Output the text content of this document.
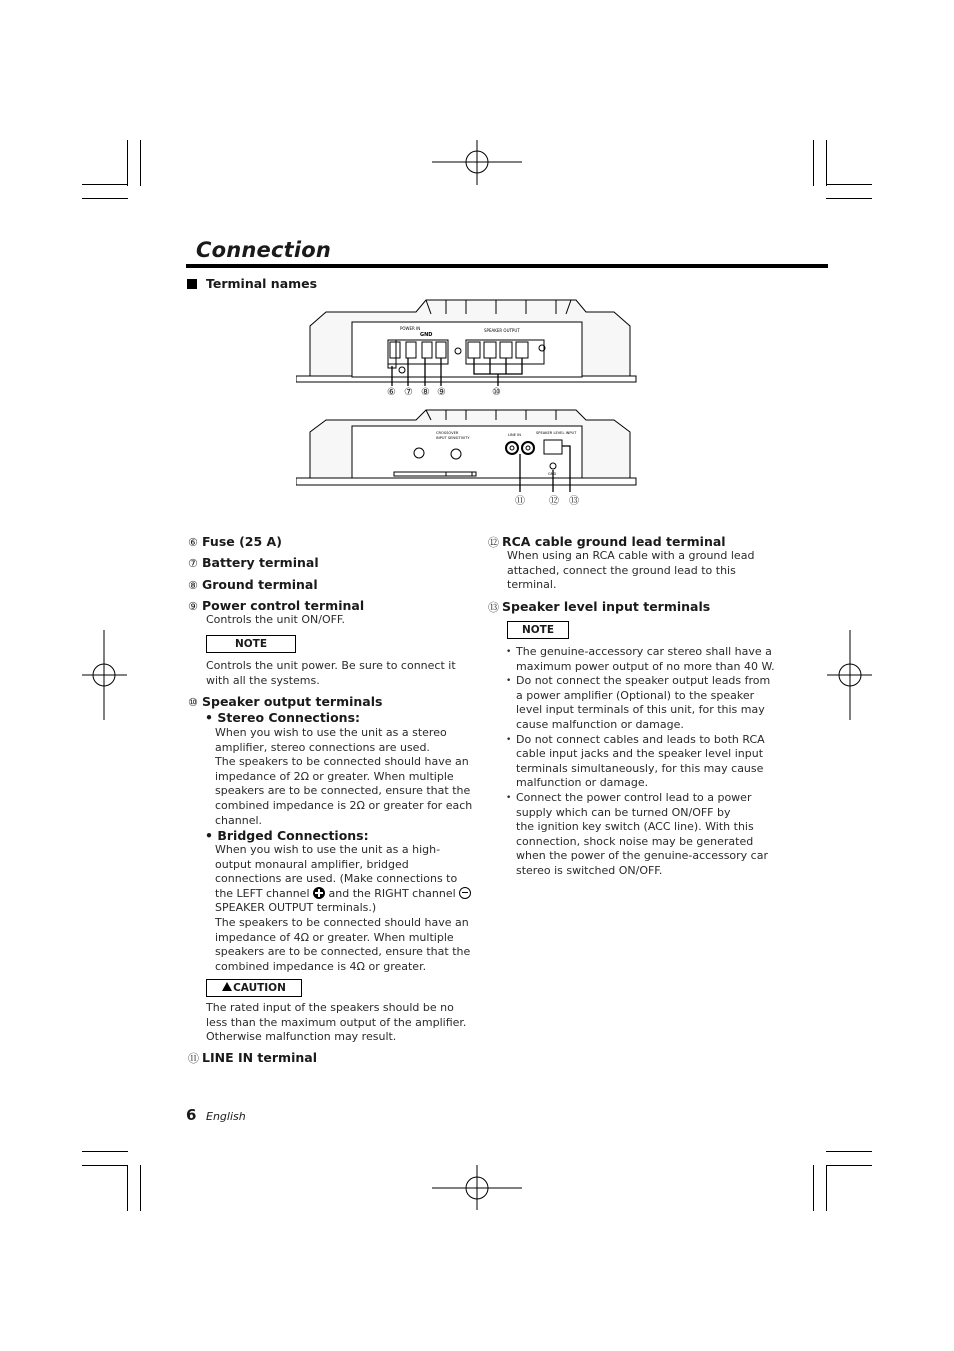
Connection
Terminal names
POWER IN
GND
SPEAKER OUTPUT
⑥ ⑦ ⑧ ⑨	⑩
CROSSOVER
INPUT SENSITIVITY
LINE IN	SPEAKER LEVEL INPUT
GND
⑪ ⑫ ⑬
⑥ Fuse (25 A)
⑦ Battery terminal
⑧ Ground terminal
⑨ Power control terminal
Controls the unit ON/OFF.
NOTE
Controls the unit power. Be sure to connect it
with all the systems.
⑩ Speaker output terminals
• Stereo Connections:
When you wish to use the unit as a stereo
amplifier, stereo connections are used.
The speakers to be connected should have an
impedance of 2Ω or greater. When multiple
speakers are to be connected, ensure that the
combined impedance is 2Ω or greater for each
channel.
• Bridged Connections:
When you wish to use the unit as a high-
output monaural amplifier, bridged
connections are used. (Make connections to
the LEFT channel and the RIGHT channel
SPEAKER OUTPUT terminals.)
The speakers to be connected should have an
impedance of 4Ω or greater. When multiple
speakers are to be connected, ensure that the
combined impedance is 4Ω or greater.
CAUTION
The rated input of the speakers should be no
less than the maximum output of the amplifier.
Otherwise malfunction may result.
⑪ LINE IN terminal
⑫ RCA cable ground lead terminal
When using an RCA cable with a ground lead
attached, connect the ground lead to this
terminal.
⑬ Speaker level input terminals
NOTE
• The genuine-accessory car stereo shall have a
maximum power output of no more than 40 W.
• Do not connect the speaker output leads from
a power amplifier (Optional) to the speaker
level input terminals of this unit, for this may
cause malfunction or damage.
• Do not connect cables and leads to both RCA
cable input jacks and the speaker level input
terminals simultaneously, for this may cause
malfunction or damage.
• Connect the power control lead to a power
supply which can be turned ON/OFF by
the ignition key switch (ACC line). With this
connection, shock noise may be generated
when the power of the genuine-accessory car
stereo is switched ON/OFF.
6 English
